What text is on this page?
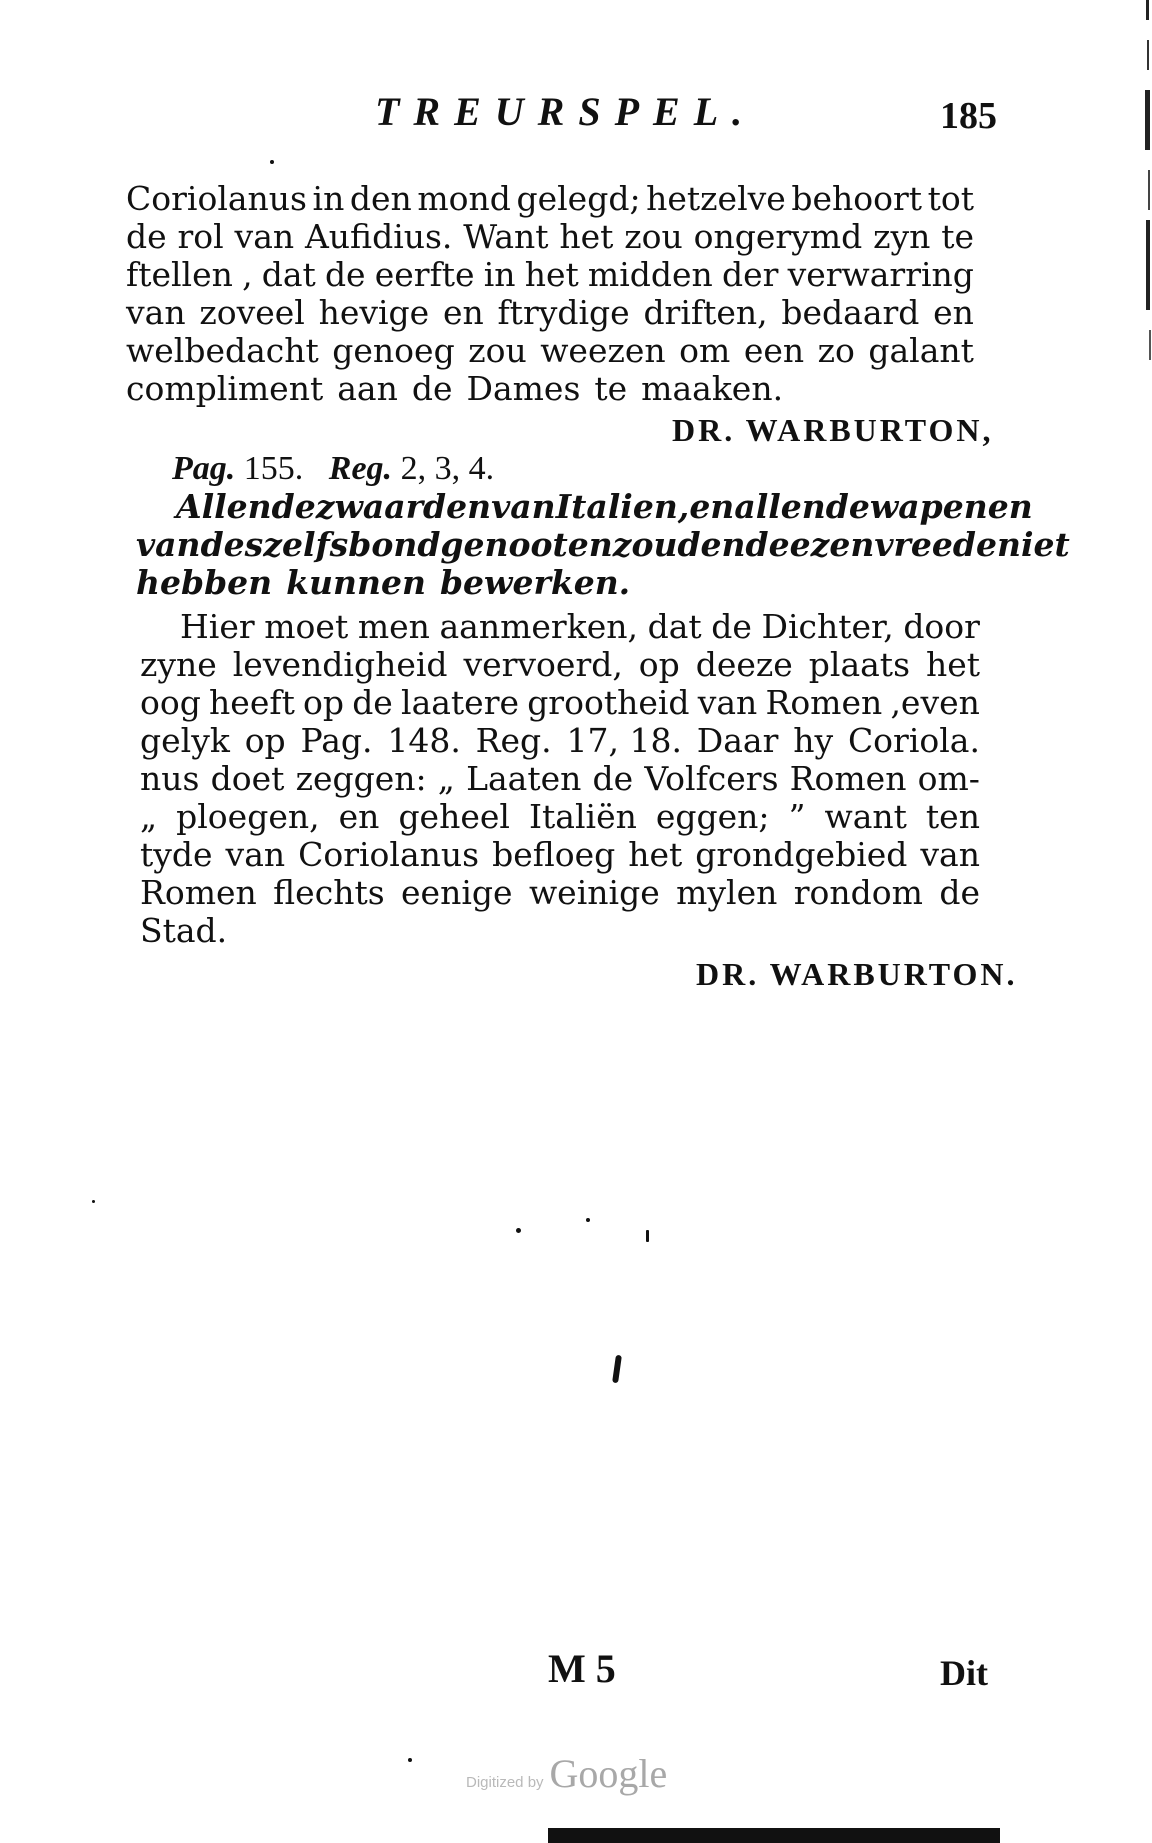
TREURSPEL.	185
Coriolanus in den mond gelegd; hetzelve behoort tot
de rol van Aufidius. Want het zou ongerymd zyn te
ftellen , dat de eerfte in het midden der verwarring
van zoveel hevige en ftrydige driften, bedaard en
welbedacht genoeg zou weezen om een zo galant
compliment aan de Dames te maaken.
DR. WARBURTON,
Pag. 155. Reg. 2, 3, 4.
Allen de zwaarden van Italien, en allen de wapenen
van deszelfs bondgenooten zouden deezen vreede niet
hebben kunnen bewerken.
Hier moet men aanmerken, dat de Dichter, door
zyne levendigheid vervoerd, op deeze plaats het
oog heeft op de laatere grootheid van Romen ,even
gelyk op Pag. 148. Reg. 17, 18. Daar hy Coriola.
nus doet zeggen: „ Laaten de Volfcers Romen om-
„ ploegen, en geheel Italiën eggen; ” want ten
tyde van Coriolanus befloeg het grondgebied van
Romen flechts eenige weinige mylen rondom de
Stad.
DR. WARBURTON.
M 5	Dit
Digitized by Google
